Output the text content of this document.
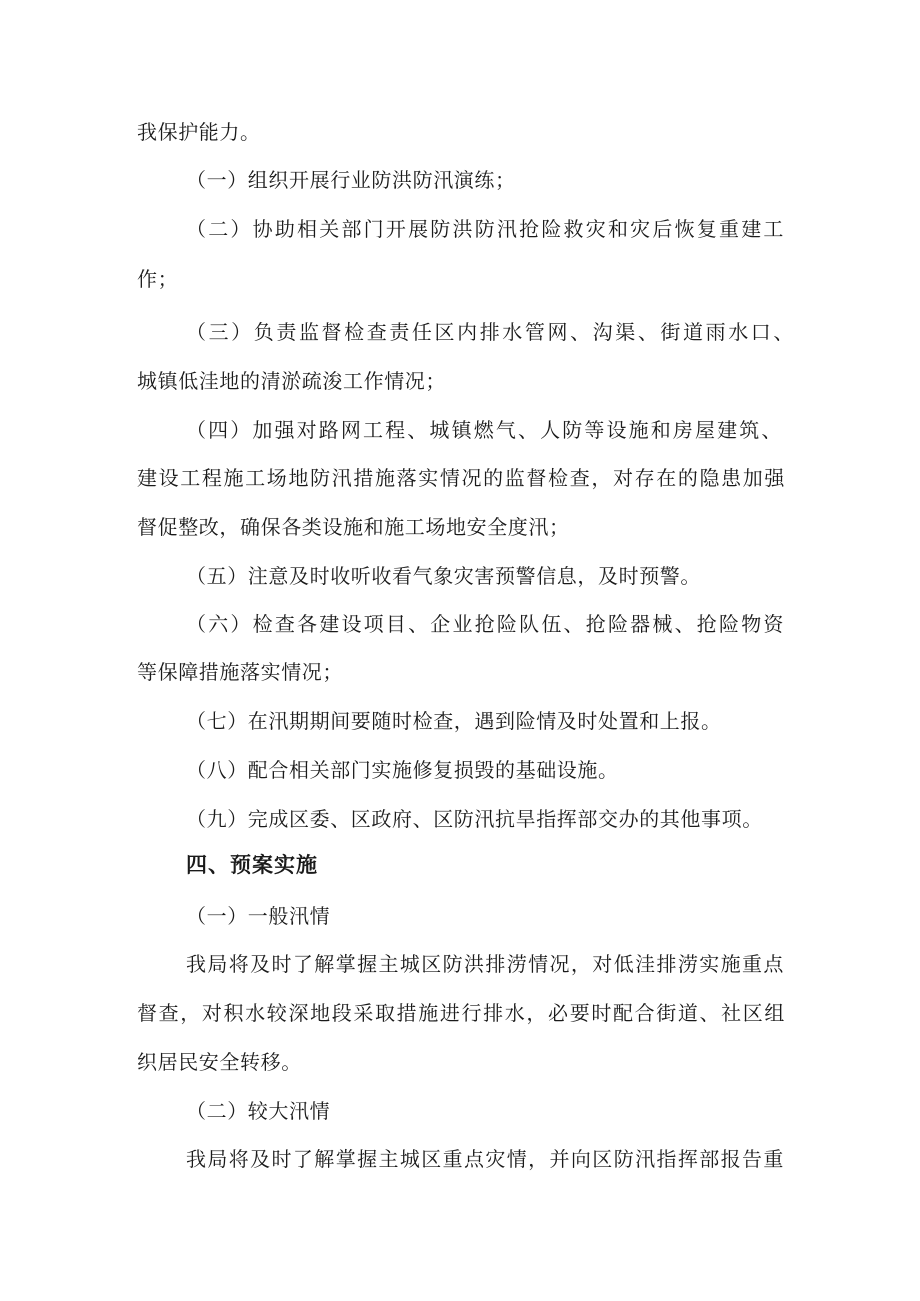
我保护能力。
（一）组织开展行业防洪防汛演练；
（二）协助相关部门开展防洪防汛抢险救灾和灾后恢复重建工
作；
（三）负责监督检查责任区内排水管网、沟渠、街道雨水口、
城镇低洼地的清淤疏浚工作情况；
（四）加强对路网工程、城镇燃气、人防等设施和房屋建筑、
建设工程施工场地防汛措施落实情况的监督检查，对存在的隐患加强
督促整改，确保各类设施和施工场地安全度汛；
（五）注意及时收听收看气象灾害预警信息，及时预警。
（六）检查各建设项目、企业抢险队伍、抢险器械、抢险物资
等保障措施落实情况；
（七）在汛期期间要随时检查，遇到险情及时处置和上报。
（八）配合相关部门实施修复损毁的基础设施。
（九）完成区委、区政府、区防汛抗旱指挥部交办的其他事项。
四、预案实施
（一）一般汛情
我局将及时了解掌握主城区防洪排涝情况，对低洼排涝实施重点
督查，对积水较深地段采取措施进行排水，必要时配合街道、社区组
织居民安全转移。
（二）较大汛情
我局将及时了解掌握主城区重点灾情，并向区防汛指挥部报告重
